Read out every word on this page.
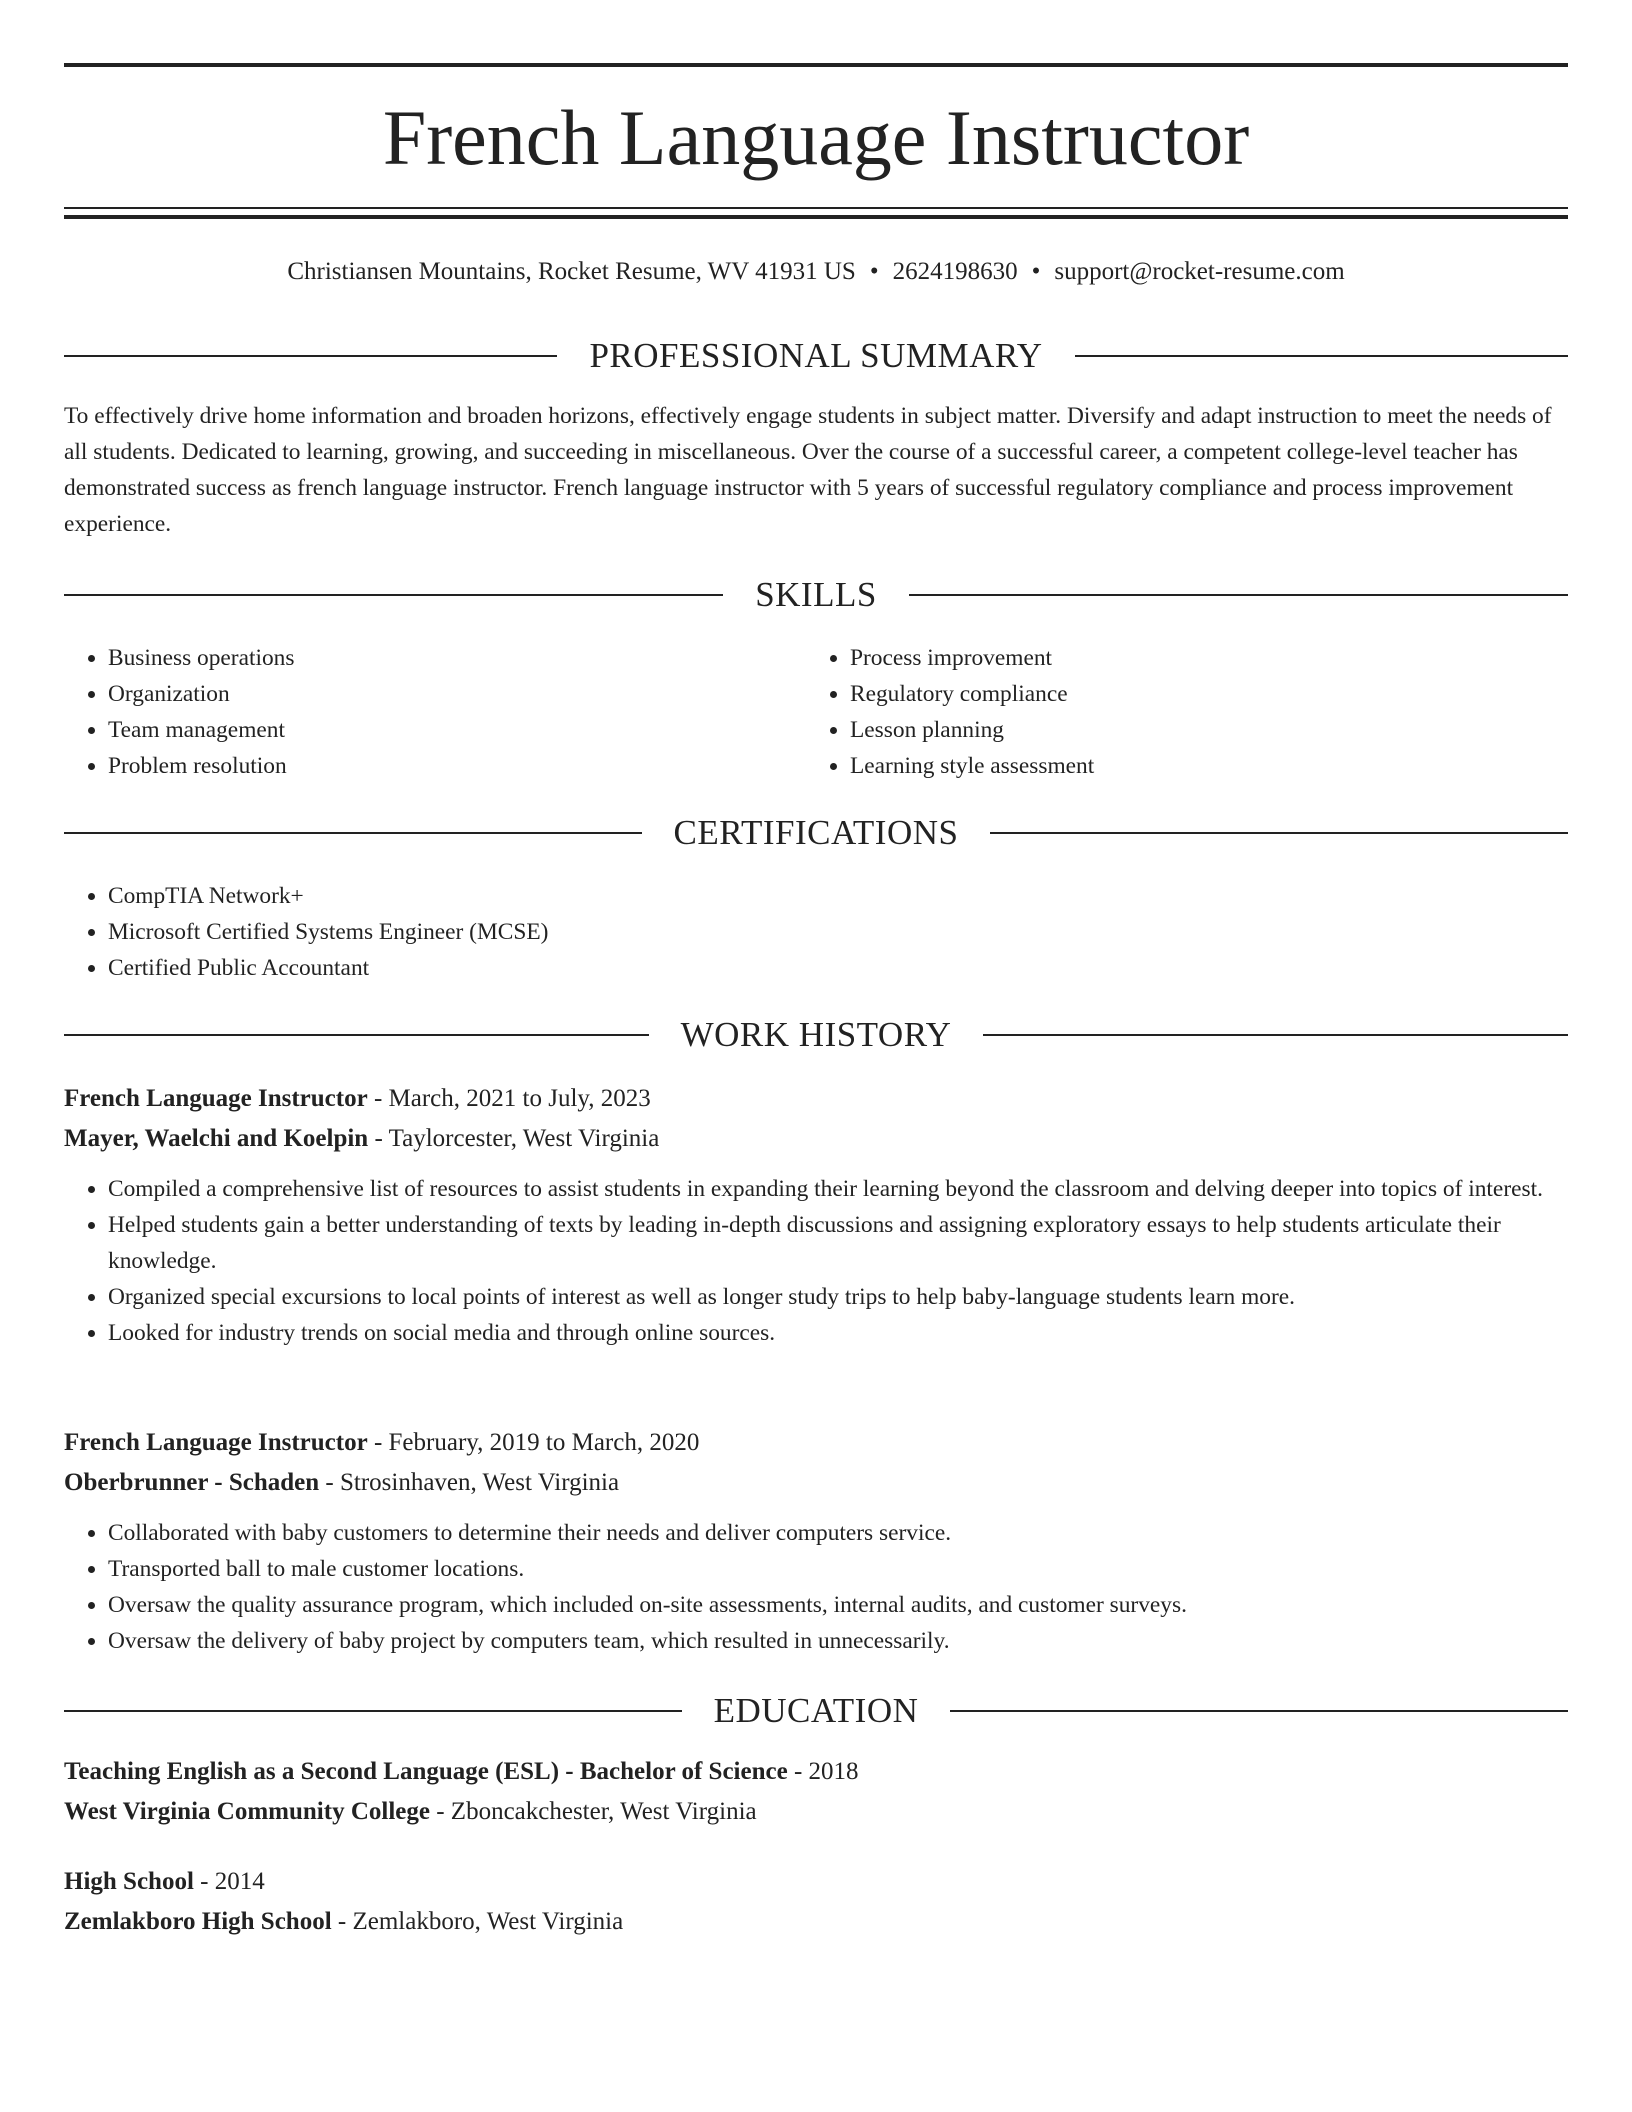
French Language Instructor
Christiansen Mountains, Rocket Resume, WV 41931 US • 2624198630 • support@rocket-resume.com
PROFESSIONAL SUMMARY

To effectively drive home information and broaden horizons, effectively engage students in subject matter. Diversify and adapt instruction to meet the needs of all students. Dedicated to learning, growing, and succeeding in miscellaneous. Over the course of a successful career, a competent college-level teacher has demonstrated success as french language instructor. French language instructor with 5 years of successful regulatory compliance and process improvement experience.

SKILLS
• Business operations
• Organization
• Team management
• Problem resolution
• Process improvement
• Regulatory compliance
• Lesson planning
• Learning style assessment
CERTIFICATIONS
• CompTIA Network+
• Microsoft Certified Systems Engineer (MCSE)
• Certified Public Accountant
WORK HISTORY

French Language Instructor - March, 2021 to July, 2023

Mayer, Waelchi and Koelpin - Taylorcester, West Virginia

• Compiled a comprehensive list of resources to assist students in expanding their learning beyond the classroom and delving deeper into topics of interest.
• Helped students gain a better understanding of texts by leading in-depth discussions and assigning exploratory essays to help students articulate their knowledge.
• Organized special excursions to local points of interest as well as longer study trips to help baby-language students learn more.
• Looked for industry trends on social media and through online sources.

French Language Instructor - February, 2019 to March, 2020

Oberbrunner - Schaden - Strosinhaven, West Virginia

• Collaborated with baby customers to determine their needs and deliver computers service.
• Transported ball to male customer locations.
• Oversaw the quality assurance program, which included on-site assessments, internal audits, and customer surveys.
• Oversaw the delivery of baby project by computers team, which resulted in unnecessarily.
EDUCATION

Teaching English as a Second Language (ESL) - Bachelor of Science - 2018

West Virginia Community College - Zboncakchester, West Virginia

High School - 2014

Zemlakboro High School - Zemlakboro, West Virginia
